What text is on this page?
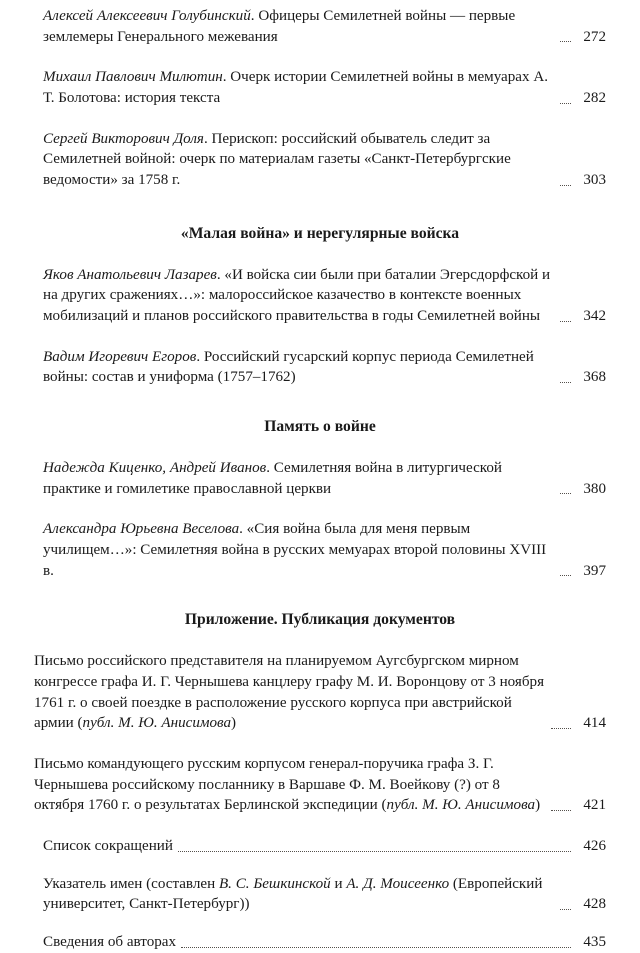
Алексей Алексеевич Голубинский. Офицеры Семилетней войны — первые землемеры Генерального межевания	272
Михаил Павлович Милютин. Очерк истории Семилетней войны в мемуарах А. Т. Болотова: история текста	282
Сергей Викторович Доля. Перископ: российский обыватель следит за Семилетней войной: очерк по материалам газеты «Санкт-Петербургские ведомости» за 1758 г.	303
«Малая война» и нерегулярные войска
Яков Анатольевич Лазарев. «И войска сии были при баталии Эгерсдорфской и на других сражениях…»: малороссийское казачество в контексте военных мобилизаций и планов российского правительства в годы Семилетней войны	342
Вадим Игоревич Егоров. Российский гусарский корпус периода Семилетней войны: состав и униформа (1757–1762)	368
Память о войне
Надежда Киценко, Андрей Иванов. Семилетняя война в литургической практике и гомилетике православной церкви	380
Александра Юрьевна Веселова. «Сия война была для меня первым училищем…»: Семилетняя война в русских мемуарах второй половины XVIII в.	397
Приложение. Публикация документов
Письмо российского представителя на планируемом Аугсбургском мирном конгрессе графа И. Г. Чернышева канцлеру графу М. И. Воронцову от 3 ноября 1761 г. о своей поездке в расположение русского корпуса при австрийской армии (публ. М. Ю. Анисимова)	414
Письмо командующего русским корпусом генерал-поручика графа З. Г. Чернышева российскому посланнику в Варшаве Ф. М. Воейкову (?) от 8 октября 1760 г. о результатах Берлинской экспедиции (публ. М. Ю. Анисимова)	421
Список сокращений	426
Указатель имен (составлен В. С. Бешкинской и А. Д. Моисеенко (Европейский университет, Санкт-Петербург))	428
Сведения об авторах	435
